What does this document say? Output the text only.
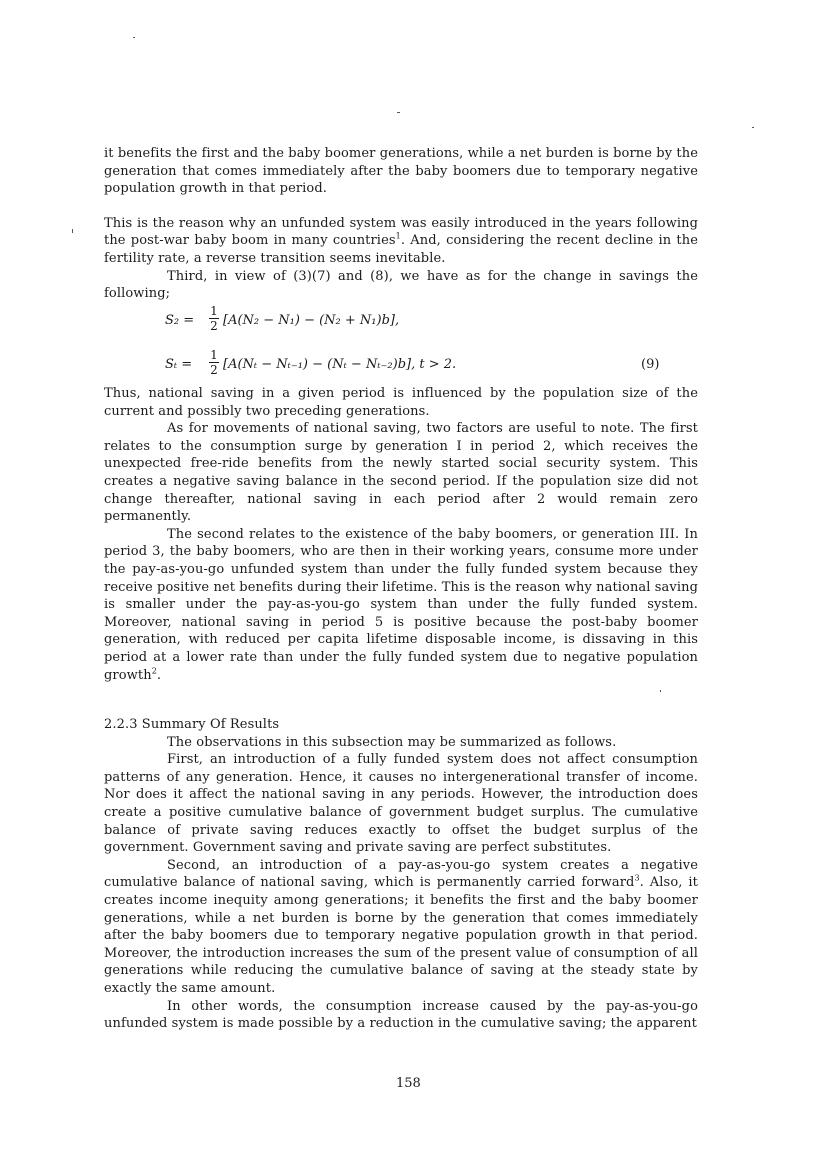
it benefits the first and the baby boomer generations, while a net burden is borne by the generation that comes immediately after the baby boomers due to temporary negative population growth in that period.

This is the reason why an unfunded system was easily introduced in the years following the post-war baby boom in many countries$^1$. And, considering the recent decline in the fertility rate, a reverse transition seems inevitable.

Third, in view of (3)(7) and (8), we have as for the change in savings the following;

$S_2 = \frac{1}{2} [A(N_2 - N_1) - (N_2 + N_1)b]$,
$S_t = \frac{1}{2} [A(N_t - N_{t-1}) - (N_t - N_{t-2})b]$, t > 2.	(9)

Thus, national saving in a given period is influenced by the population size of the current and possibly two preceding generations.

As for movements of national saving, two factors are useful to note. The first relates to the consumption surge by generation I in period 2, which receives the unexpected free-ride benefits from the newly started social security system. This creates a negative saving balance in the second period. If the population size did not change thereafter, national saving in each period after 2 would remain zero permanently.

The second relates to the existence of the baby boomers, or generation III. In period 3, the baby boomers, who are then in their working years, consume more under the pay-as-you-go unfunded system than under the fully funded system because they receive positive net benefits during their lifetime. This is the reason why national saving is smaller under the pay-as-you-go system than under the fully funded system. Moreover, national saving in period 5 is positive because the post-baby boomer generation, with reduced per capita lifetime disposable income, is dissaving in this period at a lower rate than under the fully funded system due to negative population growth$^2$.

2.2.3 Summary Of Results

The observations in this subsection may be summarized as follows.

First, an introduction of a fully funded system does not affect consumption patterns of any generation. Hence, it causes no intergenerational transfer of income. Nor does it affect the national saving in any periods. However, the introduction does create a positive cumulative balance of government budget surplus. The cumulative balance of private saving reduces exactly to offset the budget surplus of the government. Government saving and private saving are perfect substitutes.

Second, an introduction of a pay-as-you-go system creates a negative cumulative balance of national saving, which is permanently carried forward$^3$. Also, it creates income inequity among generations; it benefits the first and the baby boomer generations, while a net burden is borne by the generation that comes immediately after the baby boomers due to temporary negative population growth in that period. Moreover, the introduction increases the sum of the present value of consumption of all generations while reducing the cumulative balance of saving at the steady state by exactly the same amount.

In other words, the consumption increase caused by the pay-as-you-go unfunded system is made possible by a reduction in the cumulative saving; the apparent

158
